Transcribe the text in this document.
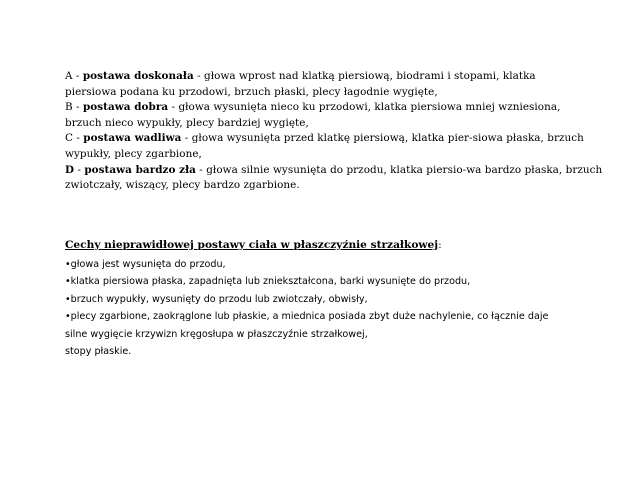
A - postawa doskonała - głowa wprost nad klatką piersiową, biodrami i stopami, klatka
piersiowa podana ku przodowi, brzuch płaski, plecy łagodnie wygięte,
B - postawa dobra - głowa wysunięta nieco ku przodowi, klatka piersiowa mniej wzniesiona,
brzuch nieco wypukły, plecy bardziej wygięte,
C - postawa wadliwa - głowa wysunięta przed klatkę piersiową, klatka pier-siowa płaska, brzuch
wypukły, plecy zgarbione,
D - postawa bardzo zła - głowa silnie wysunięta do przodu, klatka piersio-wa bardzo płaska, brzuch
zwiotczały, wiszący, plecy bardzo zgarbione.
Cechy nieprawidłowej postawy ciała w płaszczyźnie strzałkowej:
•głowa jest wysunięta do przodu,
•klatka piersiowa płaska, zapadnięta lub zniekształcona, barki wysunięte do przodu,
•brzuch wypukły, wysunięty do przodu lub zwiotczały, obwisły,
•plecy zgarbione, zaokrąglone lub płaskie, a miednica posiada zbyt duże nachylenie, co łącznie daje
silne wygięcie krzywizn kręgosłupa w płaszczyźnie strzałkowej,
stopy płaskie.
